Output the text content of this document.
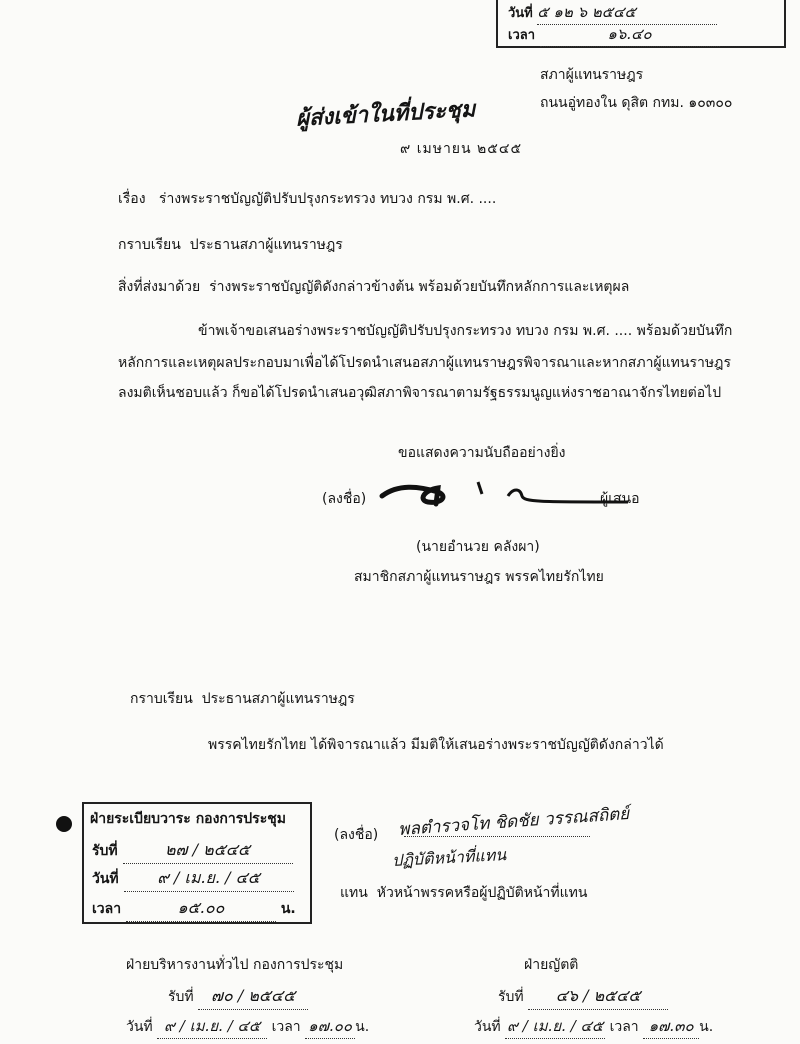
วันที่ ๕ ๑๒ ๖ ๒๕๔๕
เวลา	๑๖.๔๐
สภาผู้แทนราษฎร
ถนนอู่ทองใน ดุสิต กทม. ๑๐๓๐๐
ผู้ส่งเข้าในที่ประชุม
๙ เมษายน ๒๕๔๕
เรื่อง ร่างพระราชบัญญัติปรับปรุงกระทรวง ทบวง กรม พ.ศ. ....
กราบเรียน ประธานสภาผู้แทนราษฎร
สิ่งที่ส่งมาด้วย ร่างพระราชบัญญัติดังกล่าวข้างต้น พร้อมด้วยบันทึกหลักการและเหตุผล
ข้าพเจ้าขอเสนอร่างพระราชบัญญัติปรับปรุงกระทรวง ทบวง กรม พ.ศ. .... พร้อมด้วยบันทึก
หลักการและเหตุผลประกอบมาเพื่อได้โปรดนำเสนอสภาผู้แทนราษฎรพิจารณาและหากสภาผู้แทนราษฎร
ลงมติเห็นชอบแล้ว ก็ขอได้โปรดนำเสนอวุฒิสภาพิจารณาตามรัฐธรรมนูญแห่งราชอาณาจักรไทยต่อไป
ขอแสดงความนับถืออย่างยิ่ง
(ลงชื่อ)	ผู้เสนอ
(นายอำนวย คลังผา)
สมาชิกสภาผู้แทนราษฎร พรรคไทยรักไทย
กราบเรียน ประธานสภาผู้แทนราษฎร
พรรคไทยรักไทย ได้พิจารณาแล้ว มีมติให้เสนอร่างพระราชบัญญัติดังกล่าวได้
(ลงชื่อ) พลตำรวจโท ชิดชัย วรรณสถิตย์
ปฏิบัติหน้าที่แทน
แทน หัวหน้าพรรคหรือผู้ปฏิบัติหน้าที่แทน
ฝ่ายระเบียบวาระ กองการประชุม
รับที่	๒๗ / ๒๕๔๕
วันที่ ๙ / เม.ย. / ๔๕
เวลา	๑๕.๐๐	น.
ฝ่ายบริหารงานทั่วไป กองการประชุม
รับที่ ๗๐ / ๒๕๔๕
วันที่ ๙ / เม.ย. / ๔๕ เวลา ๑๗.๐๐ น.
ฝ่ายญัตติ
รับที่ ๔๖ / ๒๕๔๕
วันที่ ๙ / เม.ย. / ๔๕ เวลา ๑๗.๓๐ น.
